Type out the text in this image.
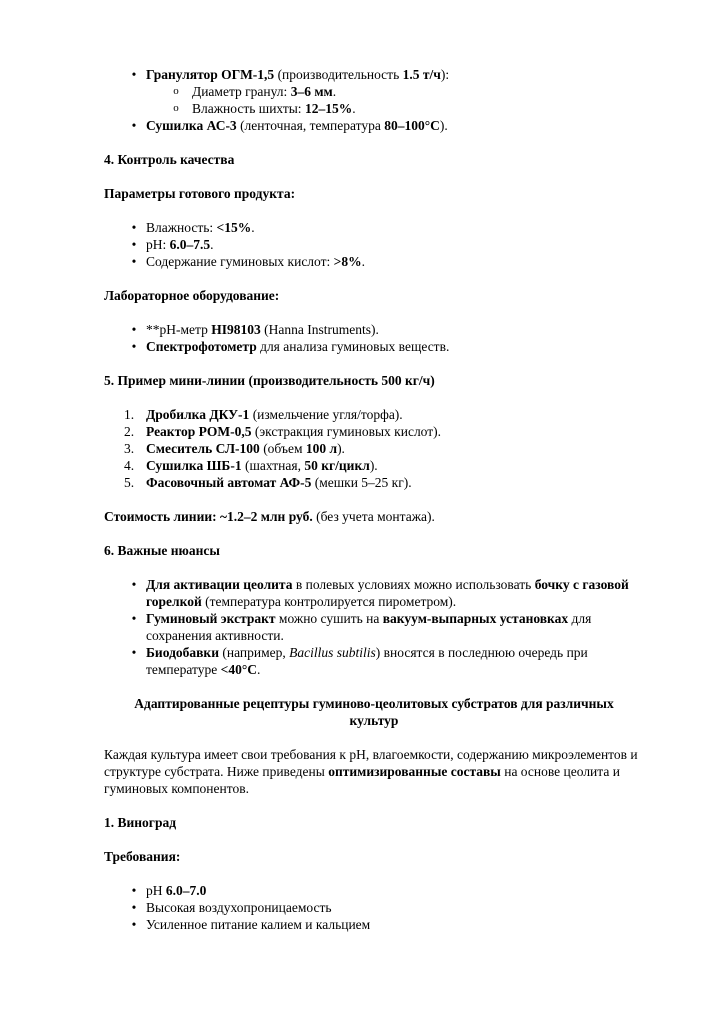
• Гранулятор ОГМ-1,5 (производительность 1.5 т/ч):
o Диаметр гранул: 3–6 мм.
o Влажность шихты: 12–15%.
• Сушилка АС-3 (ленточная, температура 80–100°С).
4. Контроль качества
Параметры готового продукта:
• Влажность: <15%.
• pH: 6.0–7.5.
• Содержание гуминовых кислот: >8%.
Лабораторное оборудование:
• **pH-метр HI98103 (Hanna Instruments).
• Спектрофотометр для анализа гуминовых веществ.
5. Пример мини-линии (производительность 500 кг/ч)
1. Дробилка ДКУ-1 (измельчение угля/торфа).
2. Реактор РОМ-0,5 (экстракция гуминовых кислот).
3. Смеситель СЛ-100 (объем 100 л).
4. Сушилка ШБ-1 (шахтная, 50 кг/цикл).
5. Фасовочный автомат АФ-5 (мешки 5–25 кг).
Стоимость линии: ~1.2–2 млн руб. (без учета монтажа).
6. Важные нюансы
• Для активации цеолита в полевых условиях можно использовать бочку с газовой горелкой (температура контролируется пирометром).
• Гуминовый экстракт можно сушить на вакуум-выпарных установках для сохранения активности.
• Биодобавки (например, Bacillus subtilis) вносятся в последнюю очередь при температуре <40°С.
Адаптированные рецептуры гуминово-цеолитовых субстратов для различных культур
Каждая культура имеет свои требования к pH, влагоемкости, содержанию микроэлементов и структуре субстрата. Ниже приведены оптимизированные составы на основе цеолита и гуминовых компонентов.
1. Виноград
Требования:
• pH 6.0–7.0
• Высокая воздухопроницаемость
• Усиленное питание калием и кальцием
